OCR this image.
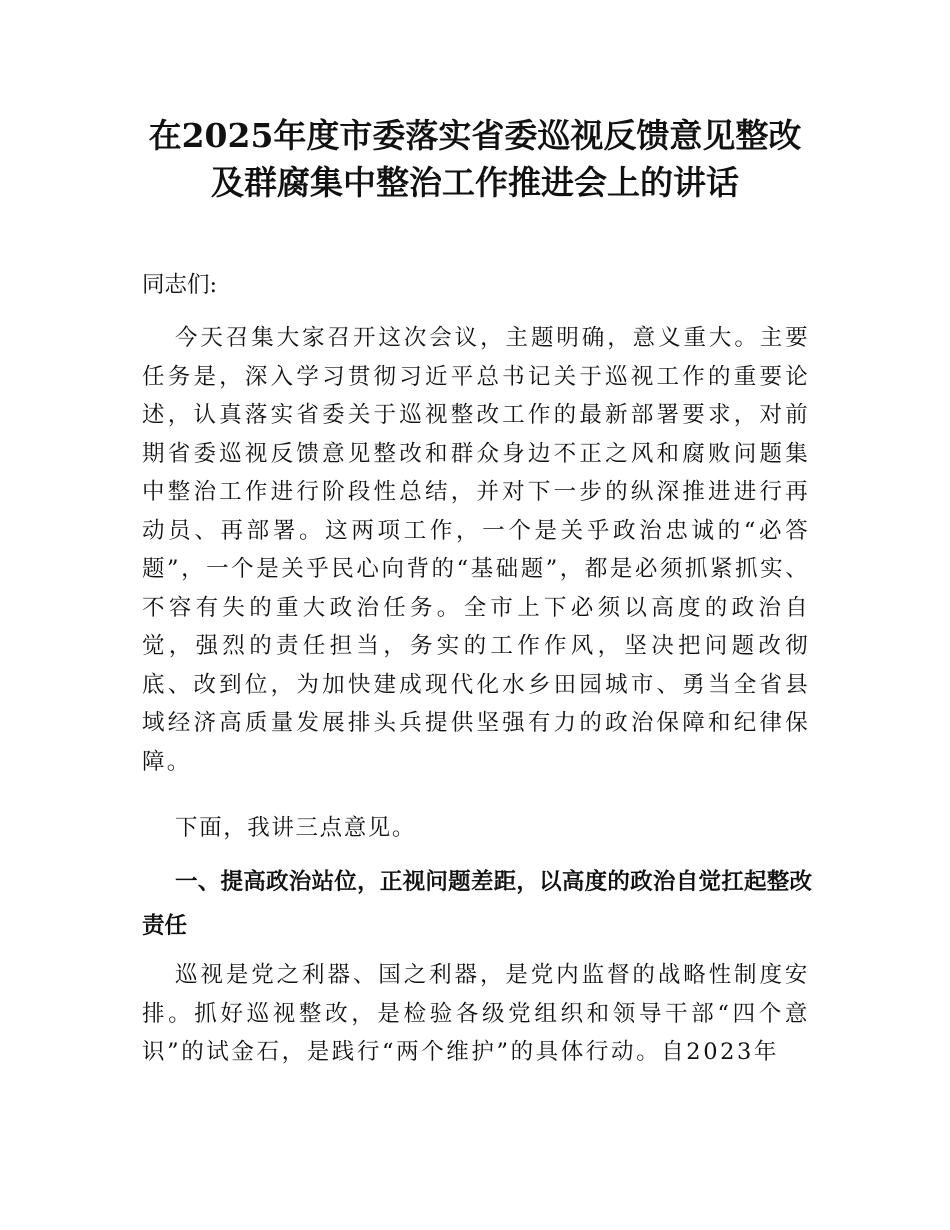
在2025年度市委落实省委巡视反馈意见整改
及群腐集中整治工作推进会上的讲话

同志们:

今天召集大家召开这次会议，主题明确，意义重大。主要任务是，深入学习贯彻习近平总书记关于巡视工作的重要论述，认真落实省委关于巡视整改工作的最新部署要求，对前期省委巡视反馈意见整改和群众身边不正之风和腐败问题集中整治工作进行阶段性总结，并对下一步的纵深推进进行再动员、再部署。这两项工作，一个是关乎政治忠诚的“必答题”，一个是关乎民心向背的“基础题”，都是必须抓紧抓实、不容有失的重大政治任务。全市上下必须以高度的政治自觉，强烈的责任担当，务实的工作作风，坚决把问题改彻底、改到位，为加快建成现代化水乡田园城市、勇当全省县域经济高质量发展排头兵提供坚强有力的政治保障和纪律保障。

下面，我讲三点意见。

一、提高政治站位，正视问题差距，以高度的政治自觉扛起整改责任

巡视是党之利器、国之利器，是党内监督的战略性制度安排。抓好巡视整改，是检验各级党组织和领导干部“四个意识”的试金石，是践行“两个维护”的具体行动。自2023年
